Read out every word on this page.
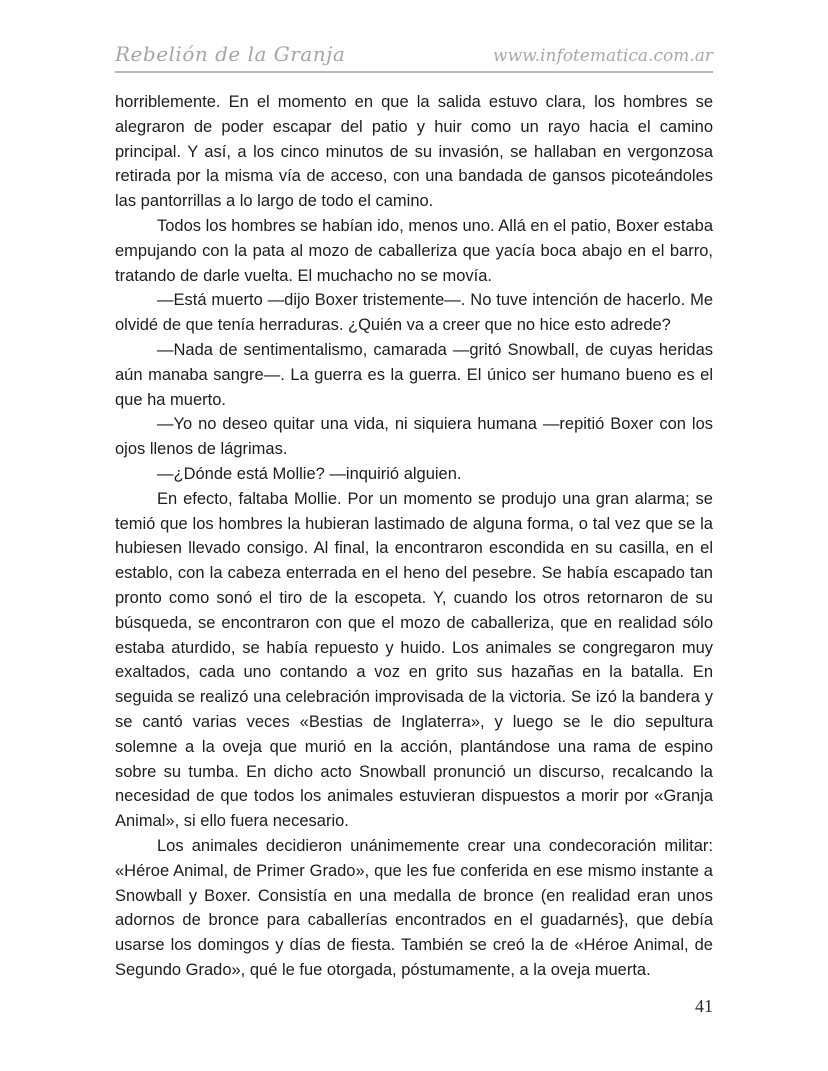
Rebelión de la Granja	www.infotematica.com.ar

horriblemente. En el momento en que la salida estuvo clara, los hombres se alegraron de poder escapar del patio y huir como un rayo hacia el camino principal. Y así, a los cinco minutos de su invasión, se hallaban en vergonzosa retirada por la misma vía de acceso, con una bandada de gansos picoteándoles las pantorrillas a lo largo de todo el camino.

Todos los hombres se habían ido, menos uno. Allá en el patio, Boxer estaba empujando con la pata al mozo de caballeriza que yacía boca abajo en el barro, tratando de darle vuelta. El muchacho no se movía.

—Está muerto —dijo Boxer tristemente—. No tuve intención de hacerlo. Me olvidé de que tenía herraduras. ¿Quién va a creer que no hice esto adrede?

—Nada de sentimentalismo, camarada —gritó Snowball, de cuyas heridas aún manaba sangre—. La guerra es la guerra. El único ser humano bueno es el que ha muerto.

—Yo no deseo quitar una vida, ni siquiera humana —repitió Boxer con los ojos llenos de lágrimas.

—¿Dónde está Mollie? —inquirió alguien.

En efecto, faltaba Mollie. Por un momento se produjo una gran alarma; se temió que los hombres la hubieran lastimado de alguna forma, o tal vez que se la hubiesen llevado consigo. Al final, la encontraron escondida en su casilla, en el establo, con la cabeza enterrada en el heno del pesebre. Se había escapado tan pronto como sonó el tiro de la escopeta. Y, cuando los otros retornaron de su búsqueda, se encontraron con que el mozo de caballeriza, que en realidad sólo estaba aturdido, se había repuesto y huido. Los animales se congregaron muy exaltados, cada uno contando a voz en grito sus hazañas en la batalla. En seguida se realizó una celebración improvisada de la victoria. Se izó la bandera y se cantó varias veces «Bestias de Inglaterra», y luego se le dio sepultura solemne a la oveja que murió en la acción, plantándose una rama de espino sobre su tumba. En dicho acto Snowball pronunció un discurso, recalcando la necesidad de que todos los animales estuvieran dispuestos a morir por «Granja Animal», si ello fuera necesario.

Los animales decidieron unánimemente crear una condecoración militar: «Héroe Animal, de Primer Grado», que les fue conferida en ese mismo instante a Snowball y Boxer. Consistía en una medalla de bronce (en realidad eran unos adornos de bronce para caballerías encontrados en el guadarnés}, que debía usarse los domingos y días de fiesta. También se creó la de «Héroe Animal, de Segundo Grado», qué le fue otorgada, póstumamente, a la oveja muerta.

41
